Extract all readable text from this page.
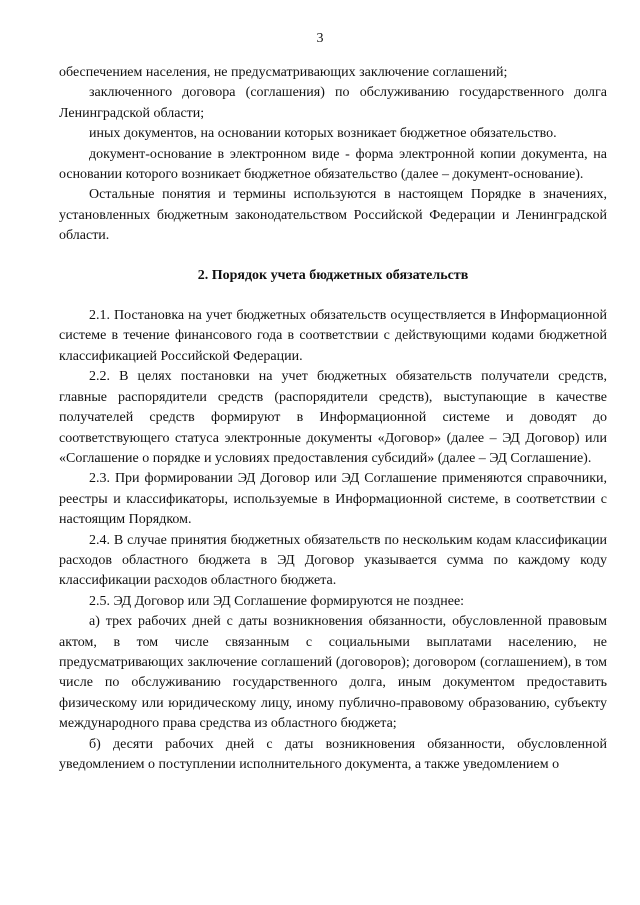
3

обеспечением населения, не предусматривающих заключение соглашений;

заключенного договора (соглашения) по обслуживанию государственного долга Ленинградской области;

иных документов, на основании которых возникает бюджетное обязательство.

документ-основание в электронном виде - форма электронной копии документа, на основании которого возникает бюджетное обязательство (далее – документ-основание).

Остальные понятия и термины используются в настоящем Порядке в значениях, установленных бюджетным законодательством Российской Федерации и Ленинградской области.

2. Порядок учета бюджетных обязательств

2.1. Постановка на учет бюджетных обязательств осуществляется в Информационной системе в течение финансового года в соответствии с действующими кодами бюджетной классификацией Российской Федерации.

2.2. В целях постановки на учет бюджетных обязательств получатели средств, главные распорядители средств (распорядители средств), выступающие в качестве получателей средств формируют в Информационной системе и доводят до соответствующего статуса электронные документы «Договор» (далее – ЭД Договор) или «Соглашение о порядке и условиях предоставления субсидий» (далее – ЭД Соглашение).

2.3. При формировании ЭД Договор или ЭД Соглашение применяются справочники, реестры и классификаторы, используемые в Информационной системе, в соответствии с настоящим Порядком.

2.4. В случае принятия бюджетных обязательств по нескольким кодам классификации расходов областного бюджета в ЭД Договор указывается сумма по каждому коду классификации расходов областного бюджета.

2.5. ЭД Договор или ЭД Соглашение формируются не позднее:

а) трех рабочих дней с даты возникновения обязанности, обусловленной правовым актом, в том числе связанным с социальными выплатами населению, не предусматривающих заключение соглашений (договоров); договором (соглашением), в том числе по обслуживанию государственного долга, иным документом предоставить физическому или юридическому лицу, иному публично-правовому образованию, субъекту международного права средства из областного бюджета;

б) десяти рабочих дней с даты возникновения обязанности, обусловленной уведомлением о поступлении исполнительного документа, а также уведомлением о
